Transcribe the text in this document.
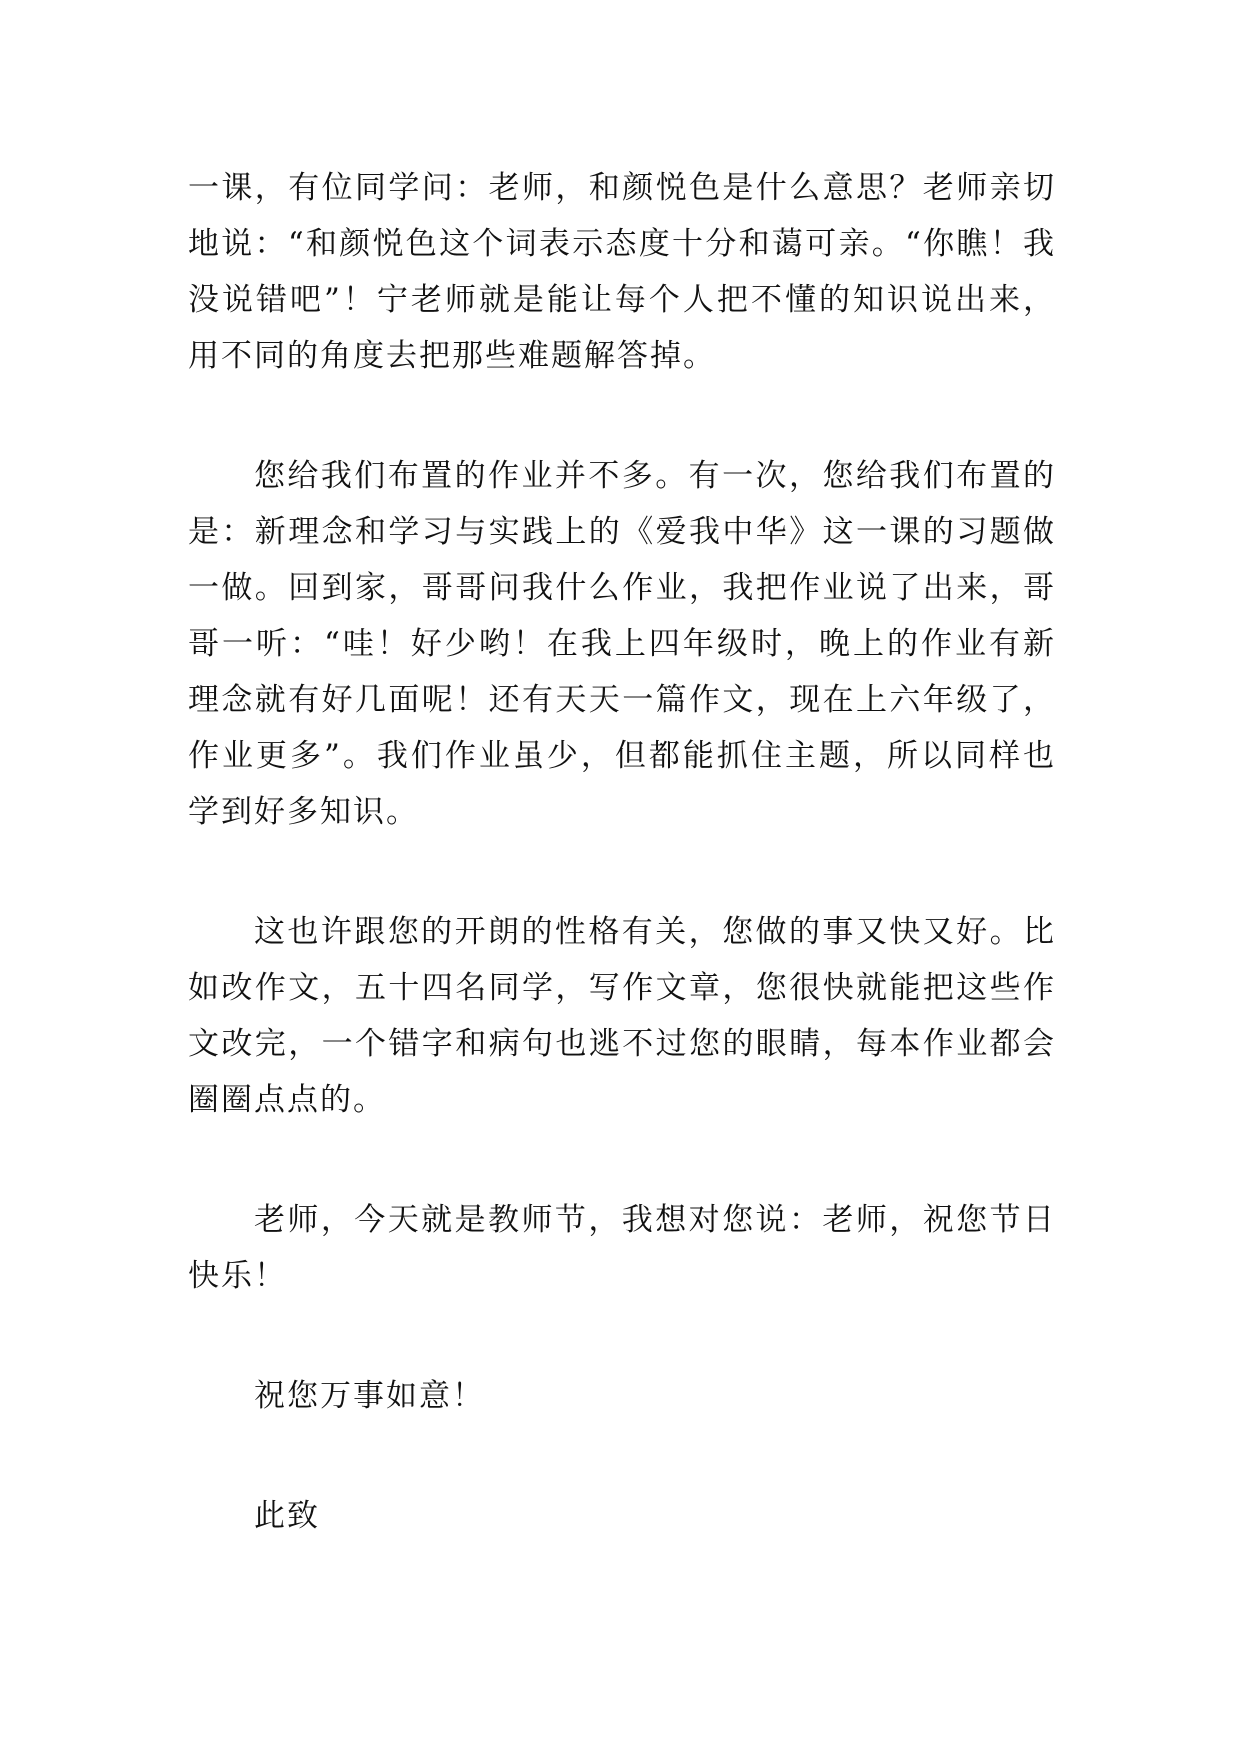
一课，有位同学问：老师，和颜悦色是什么意思？老师亲切地说：“和颜悦色这个词表示态度十分和蔼可亲。“你瞧！我没说错吧”！宁老师就是能让每个人把不懂的知识说出来，用不同的角度去把那些难题解答掉。

您给我们布置的作业并不多。有一次，您给我们布置的是：新理念和学习与实践上的《爱我中华》这一课的习题做一做。回到家，哥哥问我什么作业，我把作业说了出来，哥哥一听：“哇！好少哟！在我上四年级时，晚上的作业有新理念就有好几面呢！还有天天一篇作文，现在上六年级了，作业更多”。我们作业虽少，但都能抓住主题，所以同样也学到好多知识。

这也许跟您的开朗的性格有关，您做的事又快又好。比如改作文，五十四名同学，写作文章，您很快就能把这些作文改完，一个错字和病句也逃不过您的眼睛，每本作业都会圈圈点点的。

老师，今天就是教师节，我想对您说：老师，祝您节日快乐！

祝您万事如意！

此致
